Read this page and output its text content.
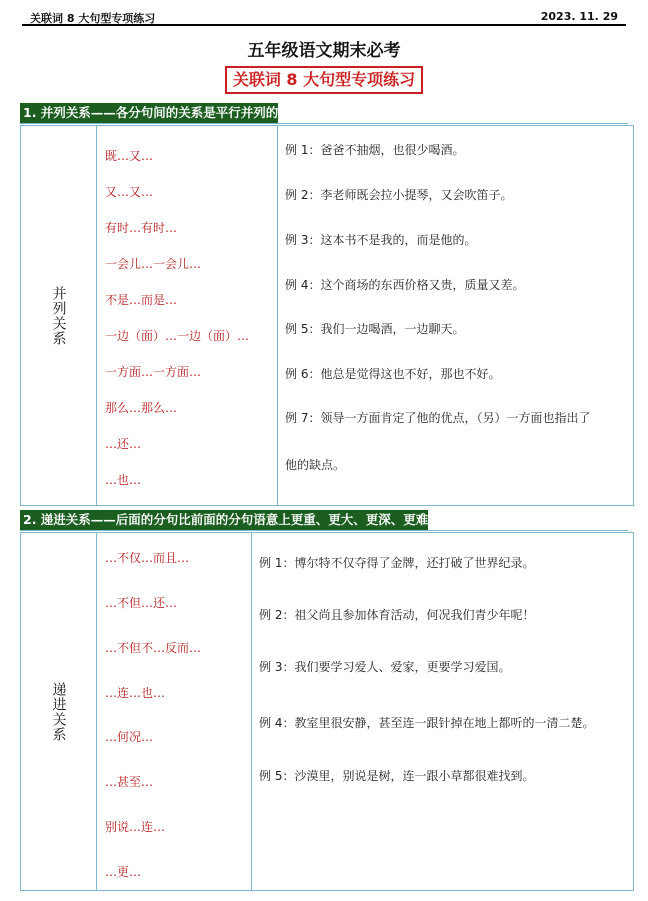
关联词 8 大句型专项练习	2023. 11. 29
五年级语文期末必考
关联词 8 大句型专项练习
1. 并列关系——各分句间的关系是平行并列的
并列关系
既…又…
又…又…
有时…有时…
一会儿…一会儿…
不是…而是…
一边（面）…一边（面）…
一方面…一方面…
那么…那么…
…还…
…也…
例 1：爸爸不抽烟，也很少喝酒。
例 2：李老师既会拉小提琴，又会吹笛子。
例 3：这本书不是我的，而是他的。
例 4：这个商场的东西价格又贵，质量又差。
例 5：我们一边喝酒，一边聊天。
例 6：他总是觉得这也不好，那也不好。
例 7：领导一方面肯定了他的优点，（另）一方面也指出了
他的缺点。
2. 递进关系——后面的分句比前面的分句语意上更重、更大、更深、更难
递进关系
…不仅…而且…
…不但…还…
…不但不…反而…
…连…也…
…何况…
…甚至…
别说…连…
…更…
例 1：博尔特不仅夺得了金牌，还打破了世界纪录。
例 2：祖父尚且参加体育活动，何况我们青少年呢！
例 3：我们要学习爱人、爱家，更要学习爱国。
例 4：教室里很安静，甚至连一跟针掉在地上都听的一清二楚。
例 5：沙漠里，别说是树，连一跟小草都很难找到。
